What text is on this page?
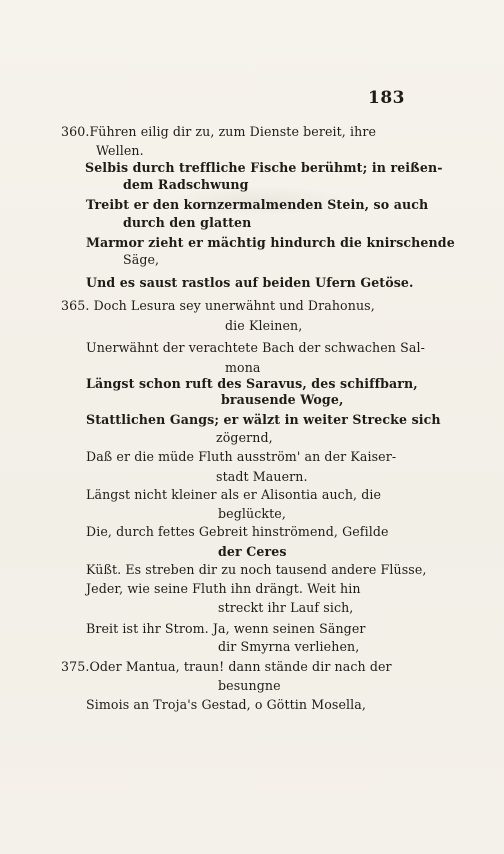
183
360.Führen eilig dir zu, zum Dienste bereit, ihre
Wellen.
Selbis durch treffliche Fische berühmt; in reißen-
dem Radschwung
Treibt er den kornzermalmenden Stein, so auch
durch den glatten
Marmor zieht er mächtig hindurch die knirschende
Säge,
Und es saust rastlos auf beiden Ufern Getöse.
365. Doch Lesura sey unerwähnt und Drahonus,
die Kleinen,
Unerwähnt der verachtete Bach der schwachen Sal-
mona
Längst schon ruft des Saravus, des schiffbarn,
brausende Woge,
Stattlichen Gangs; er wälzt in weiter Strecke sich
zögernd,
Daß er die müde Fluth ausström' an der Kaiser-
stadt Mauern.
Längst nicht kleiner als er Alisontia auch, die
beglückte,
Die, durch fettes Gebreit hinströmend, Gefilde
der Ceres
Küßt. Es streben dir zu noch tausend andere Flüsse,
Jeder, wie seine Fluth ihn drängt. Weit hin
streckt ihr Lauf sich,
Breit ist ihr Strom. Ja, wenn seinen Sänger
dir Smyrna verliehen,
375.Oder Mantua, traun! dann stände dir nach der
besungne
Simois an Troja's Gestad, o Göttin Mosella,
